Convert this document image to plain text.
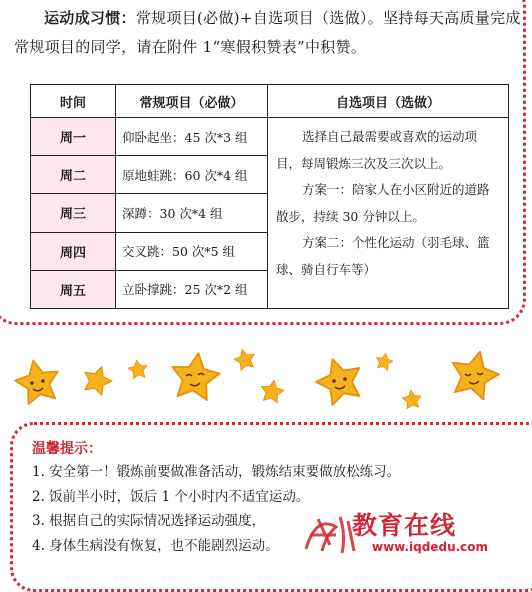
运动成习惯：常规项目(必做)+自选项目（选做）。坚持每天高质量完成常规项目的同学，请在附件 1“寒假积赞表”中积赞。
时间	常规项目（必做）	自选项目（选做）
周一	仰卧起坐：45 次*3 组	选择自己最需要或喜欢的运动项目，每周锻炼三次及三次以上。

方案一：陪家人在小区附近的道路散步，持续 30 分钟以上。

方案二：个性化运动（羽毛球、篮球、骑自行车等）

周二	原地蛙跳：60 次*4 组	
周三	深蹲：30 次*4 组	
周四	交叉跳：50 次*5 组	
周五	立卧撑跳：25 次*2 组	
温馨提示：
1. 安全第一！锻炼前要做准备活动，锻炼结束要做放松练习。
2. 饭前半小时，饭后 1 个小时内不适宜运动。
3. 根据自己的实际情况选择运动强度，
4. 身体生病没有恢复，也不能剧烈运动。
教育在线
www.iqdedu.com
